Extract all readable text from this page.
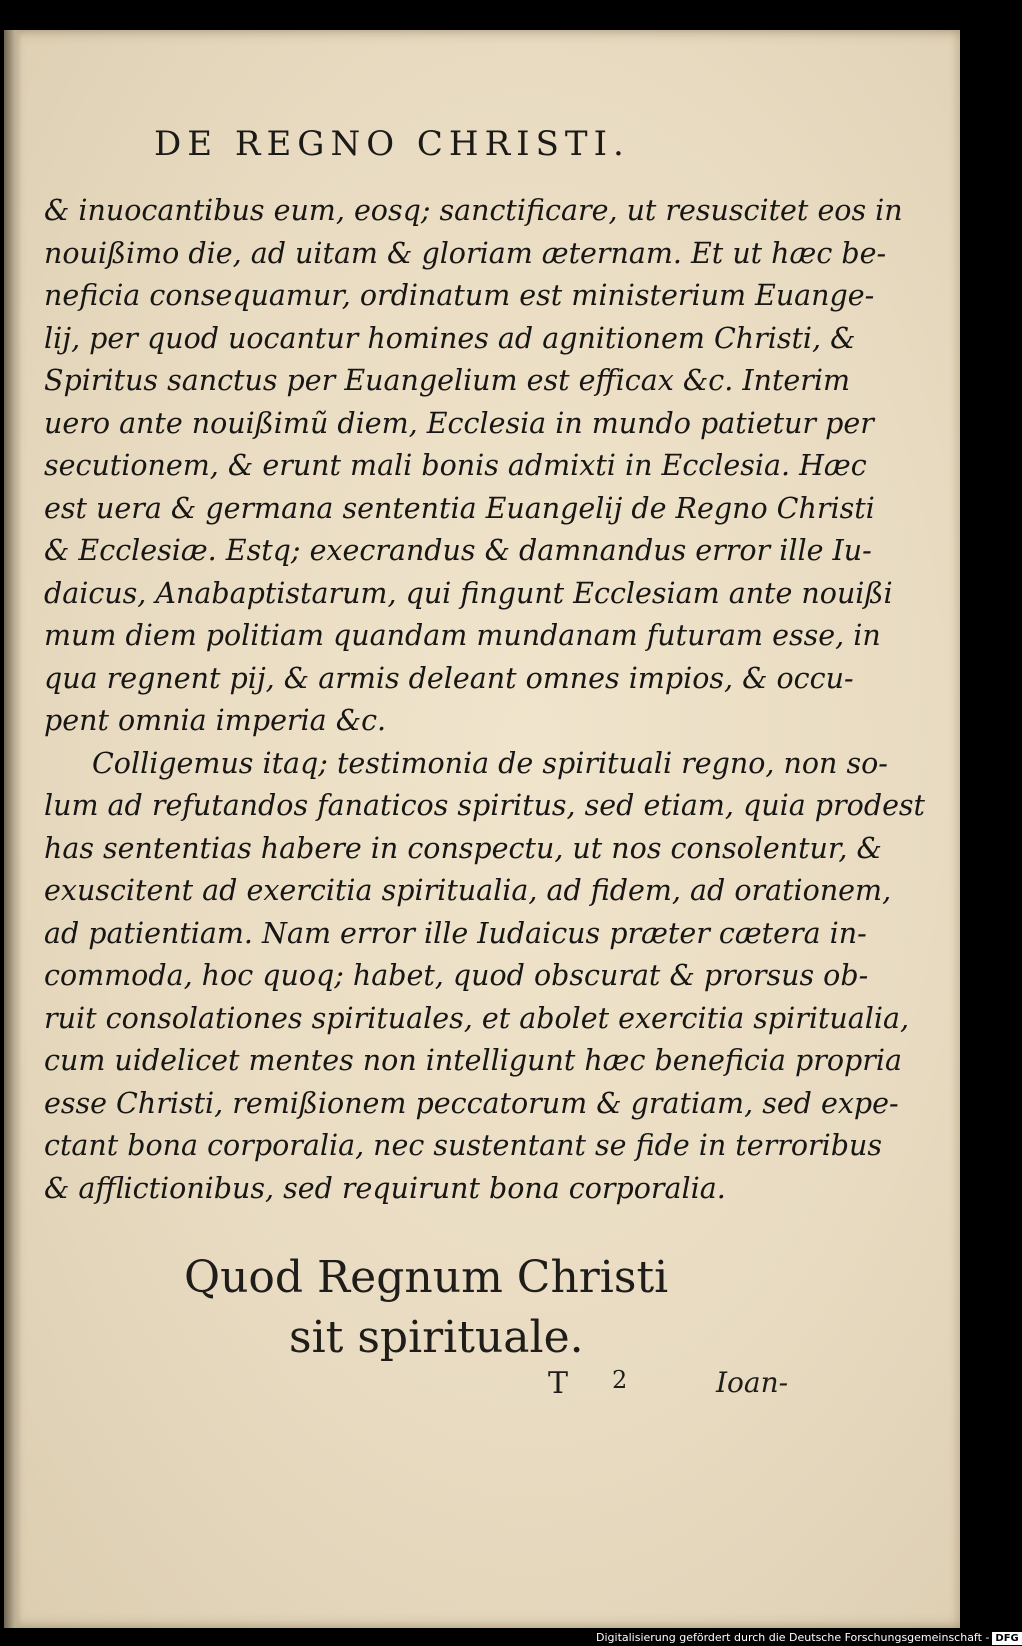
DE REGNO CHRISTI.
& inuocantibus eum, eosq; sanctificare, ut resuscitet eos in
nouißimo die, ad uitam & gloriam æternam. Et ut hæc be-
neficia consequamur, ordinatum est ministerium Euange-
lij, per quod uocantur homines ad agnitionem Christi, &
Spiritus sanctus per Euangelium est efficax &c. Interim
uero ante nouißimũ diem, Ecclesia in mundo patietur per
secutionem, & erunt mali bonis admixti in Ecclesia. Hæc
est uera & germana sententia Euangelij de Regno Christi
& Ecclesiæ. Estq; execrandus & damnandus error ille Iu-
daicus, Anabaptistarum, qui fingunt Ecclesiam ante nouißi
mum diem politiam quandam mundanam futuram esse, in
qua regnent pij, & armis deleant omnes impios, & occu-
pent omnia imperia &c.
Colligemus itaq; testimonia de spirituali regno, non so-
lum ad refutandos fanaticos spiritus, sed etiam, quia prodest
has sententias habere in conspectu, ut nos consolentur, &
exuscitent ad exercitia spiritualia, ad fidem, ad orationem,
ad patientiam. Nam error ille Iudaicus præter cætera in-
commoda, hoc quoq; habet, quod obscurat & prorsus ob-
ruit consolationes spirituales, et abolet exercitia spiritualia,
cum uidelicet mentes non intelligunt hæc beneficia propria
esse Christi, remißionem peccatorum & gratiam, sed expe-
ctant bona corporalia, nec sustentant se fide in terroribus
& afflictionibus, sed requirunt bona corporalia.
Quod Regnum Christi
sit spirituale.
T 2	Ioan-
Digitalisierung gefördert durch die Deutsche Forschungsgemeinschaft - DFG
